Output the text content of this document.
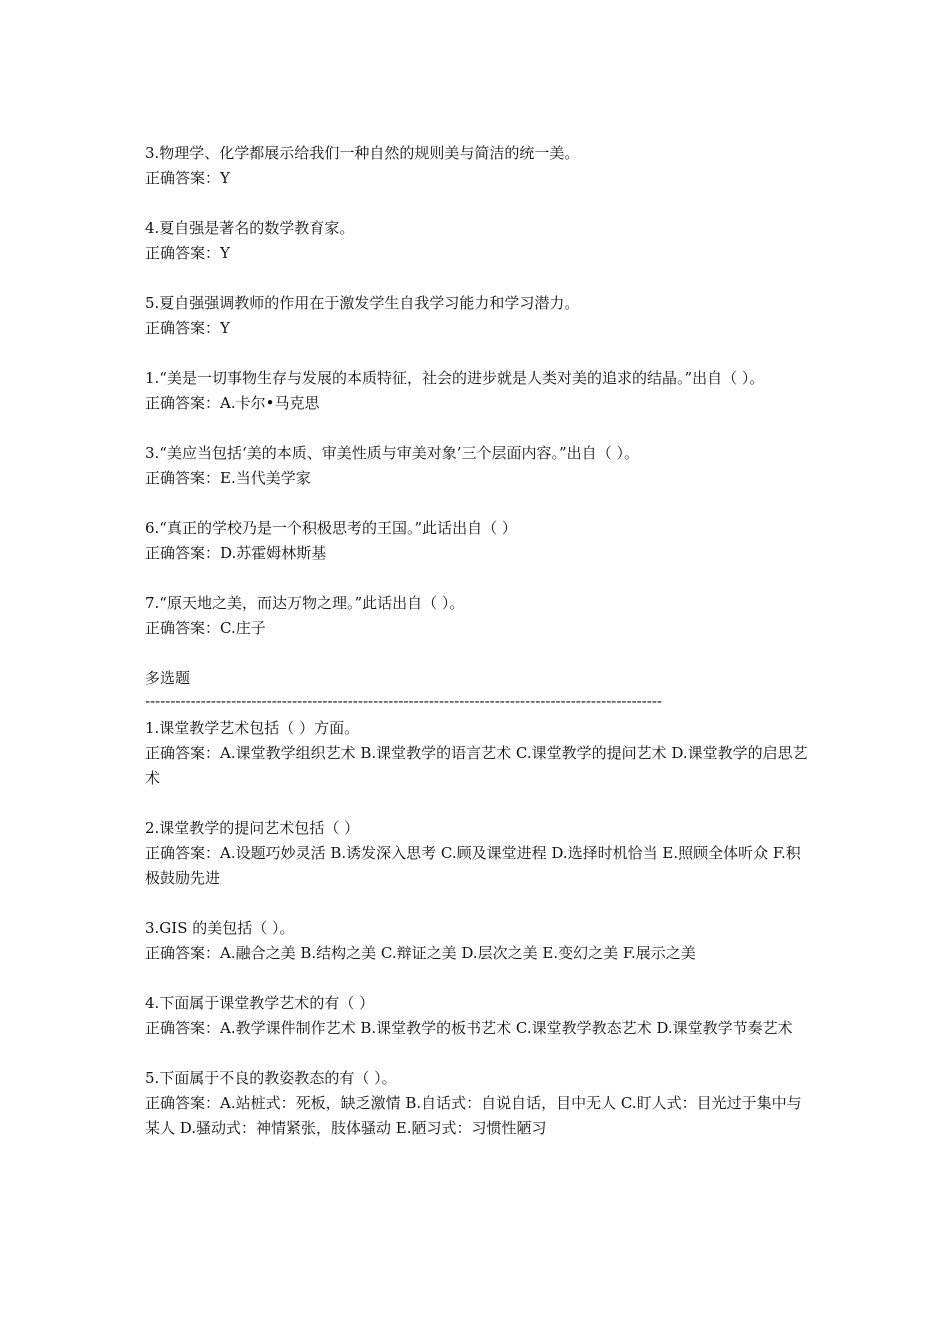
3.物理学、化学都展示给我们一种自然的规则美与简洁的统一美。
正确答案：Y
4.夏自强是著名的数学教育家。
正确答案：Y
5.夏自强强调教师的作用在于激发学生自我学习能力和学习潜力。
正确答案：Y
1.“美是一切事物生存与发展的本质特征，社会的进步就是人类对美的追求的结晶。”出自（ ）。
正确答案：A.卡尔•马克思
3.“美应当包括‘美的本质、审美性质与审美对象’三个层面内容。”出自（ ）。
正确答案：E.当代美学家
6.“真正的学校乃是一个积极思考的王国。”此话出自（ ）
正确答案：D.苏霍姆林斯基
7.“原天地之美，而达万物之理。”此话出自（ ）。
正确答案：C.庄子
多选题
------------------------------------------------------------------------------------------------------
1.课堂教学艺术包括（ ）方面。
正确答案：A.课堂教学组织艺术 B.课堂教学的语言艺术 C.课堂教学的提问艺术 D.课堂教学的启思艺术
2.课堂教学的提问艺术包括（ ）
正确答案：A.设题巧妙灵活 B.诱发深入思考 C.顾及课堂进程 D.选择时机恰当 E.照顾全体听众 F.积极鼓励先进
3.GIS 的美包括（ ）。
正确答案：A.融合之美 B.结构之美 C.辩证之美 D.层次之美 E.变幻之美 F.展示之美
4.下面属于课堂教学艺术的有（ ）
正确答案：A.教学课件制作艺术 B.课堂教学的板书艺术 C.课堂教学教态艺术 D.课堂教学节奏艺术
5.下面属于不良的教姿教态的有（ ）。
正确答案：A.站桩式：死板，缺乏激情 B.自话式：自说自话，目中无人 C.盯人式：目光过于集中与某人 D.骚动式：神情紧张，肢体骚动 E.陋习式：习惯性陋习
